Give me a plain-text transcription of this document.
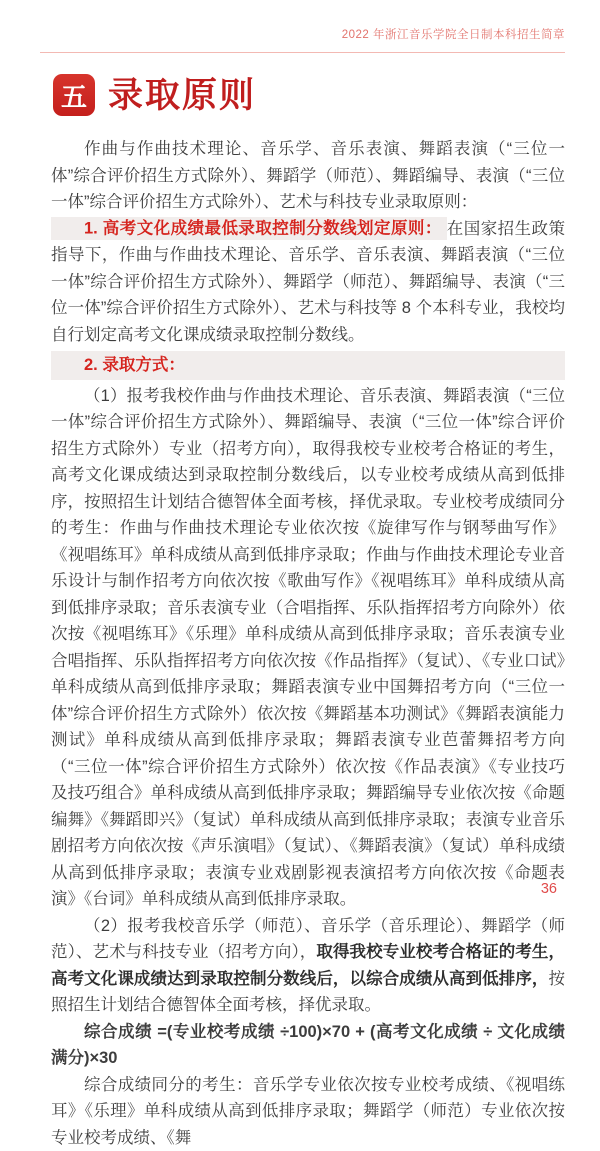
2022 年浙江音乐学院全日制本科招生简章
五 录取原则

作曲与作曲技术理论、音乐学、音乐表演、舞蹈表演（“三位一体”综合评价招生方式除外）、舞蹈学（师范）、舞蹈编导、表演（“三位一体”综合评价招生方式除外）、艺术与科技专业录取原则：

1. 高考文化成绩最低录取控制分数线划定原则： 在国家招生政策指导下，作曲与作曲技术理论、音乐学、音乐表演、舞蹈表演（“三位一体”综合评价招生方式除外）、舞蹈学（师范）、舞蹈编导、表演（“三位一体”综合评价招生方式除外）、艺术与科技等 8 个本科专业，我校均自行划定高考文化课成绩录取控制分数线。

2. 录取方式：

（1）报考我校作曲与作曲技术理论、音乐表演、舞蹈表演（“三位一体”综合评价招生方式除外）、舞蹈编导、表演（“三位一体”综合评价招生方式除外）专业（招考方向），取得我校专业校考合格证的考生，高考文化课成绩达到录取控制分数线后，以专业校考成绩从高到低排序，按照招生计划结合德智体全面考核，择优录取。专业校考成绩同分的考生：作曲与作曲技术理论专业依次按《旋律写作与钢琴曲写作》《视唱练耳》单科成绩从高到低排序录取；作曲与作曲技术理论专业音乐设计与制作招考方向依次按《歌曲写作》《视唱练耳》单科成绩从高到低排序录取；音乐表演专业（合唱指挥、乐队指挥招考方向除外）依次按《视唱练耳》《乐理》单科成绩从高到低排序录取；音乐表演专业合唱指挥、乐队指挥招考方向依次按《作品指挥》（复试）、《专业口试》单科成绩从高到低排序录取；舞蹈表演专业中国舞招考方向（“三位一体”综合评价招生方式除外）依次按《舞蹈基本功测试》《舞蹈表演能力测试》单科成绩从高到低排序录取；舞蹈表演专业芭蕾舞招考方向（“三位一体”综合评价招生方式除外）依次按《作品表演》《专业技巧及技巧组合》单科成绩从高到低排序录取；舞蹈编导专业依次按《命题编舞》《舞蹈即兴》（复试）单科成绩从高到低排序录取；表演专业音乐剧招考方向依次按《声乐演唱》（复试）、《舞蹈表演》（复试）单科成绩从高到低排序录取；表演专业戏剧影视表演招考方向依次按《命题表演》《台词》单科成绩从高到低排序录取。

（2）报考我校音乐学（师范）、音乐学（音乐理论）、舞蹈学（师范）、艺术与科技专业（招考方向），取得我校专业校考合格证的考生，高考文化课成绩达到录取控制分数线后，以综合成绩从高到低排序，按照招生计划结合德智体全面考核，择优录取。

综合成绩 =(专业校考成绩 ÷100)×70 + (高考文化成绩 ÷ 文化成绩满分)×30

综合成绩同分的考生：音乐学专业依次按专业校考成绩、《视唱练耳》《乐理》单科成绩从高到低排序录取；舞蹈学（师范）专业依次按专业校考成绩、《舞

36
